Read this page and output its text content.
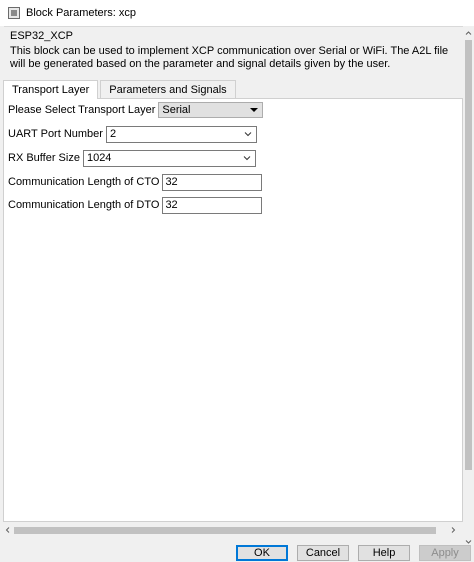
Block Parameters: xcp
ESP32_XCP
This block can be used to implement XCP communication over Serial or WiFi. The A2L file will be generated based on the parameter and signal details given by the user.
Transport Layer	Parameters and Signals
Please Select Transport Layer Serial
UART Port Number 2
RX Buffer Size 1024
Communication Length of CTO 32
Communication Length of DTO 32
OK	Cancel	Help	Apply
